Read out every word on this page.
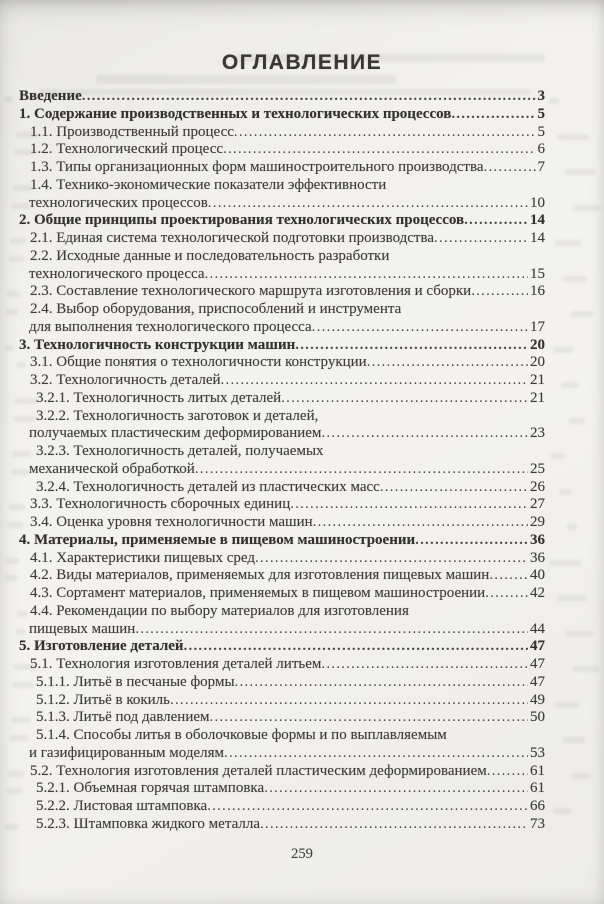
ОГЛАВЛЕНИЕ
Введение .....	3
1. Содержание производственных и технологических процессов .....	5
1.1. Производственный процесс .....	5
1.2. Технологический процесс .....	6
1.3. Типы организационных форм машиностроительного производства .....	7
1.4. Технико-экономические показатели эффективности
технологических процессов .....	10
2. Общие принципы проектирования технологических процессов .....	14
2.1. Единая система технологической подготовки производства .....	14
2.2. Исходные данные и последовательность разработки
технологического процесса .....	15
2.3. Составление технологического маршрута изготовления и сборки .....	16
2.4. Выбор оборудования, приспособлений и инструмента
для выполнения технологического процесса .....	17
3. Технологичность конструкции машин .....	20
3.1. Общие понятия о технологичности конструкции .....	20
3.2. Технологичность деталей .....	21
3.2.1. Технологичность литых деталей .....	21
3.2.2. Технологичность заготовок и деталей,
получаемых пластическим деформированием .....	23
3.2.3. Технологичность деталей, получаемых
механической обработкой .....	25
3.2.4. Технологичность деталей из пластических масс .....	26
3.3. Технологичность сборочных единиц .....	27
3.4. Оценка уровня технологичности машин .....	29
4. Материалы, применяемые в пищевом машиностроении .....	36
4.1. Характеристики пищевых сред .....	36
4.2. Виды материалов, применяемых для изготовления пищевых машин .....	40
4.3. Сортамент материалов, применяемых в пищевом машиностроении .....	42
4.4. Рекомендации по выбору материалов для изготовления
пищевых машин .....	44
5. Изготовление деталей .....	47
5.1. Технология изготовления деталей литьем .....	47
5.1.1. Литьё в песчаные формы .....	47
5.1.2. Литьё в кокиль .....	49
5.1.3. Литьё под давлением .....	50
5.1.4. Способы литья в оболочковые формы и по выплавляемым
и газифицированным моделям .....	53
5.2. Технология изготовления деталей пластическим деформированием .....	61
5.2.1. Объемная горячая штамповка .....	61
5.2.2. Листовая штамповка .....	66
5.2.3. Штамповка жидкого металла .....	73
259
